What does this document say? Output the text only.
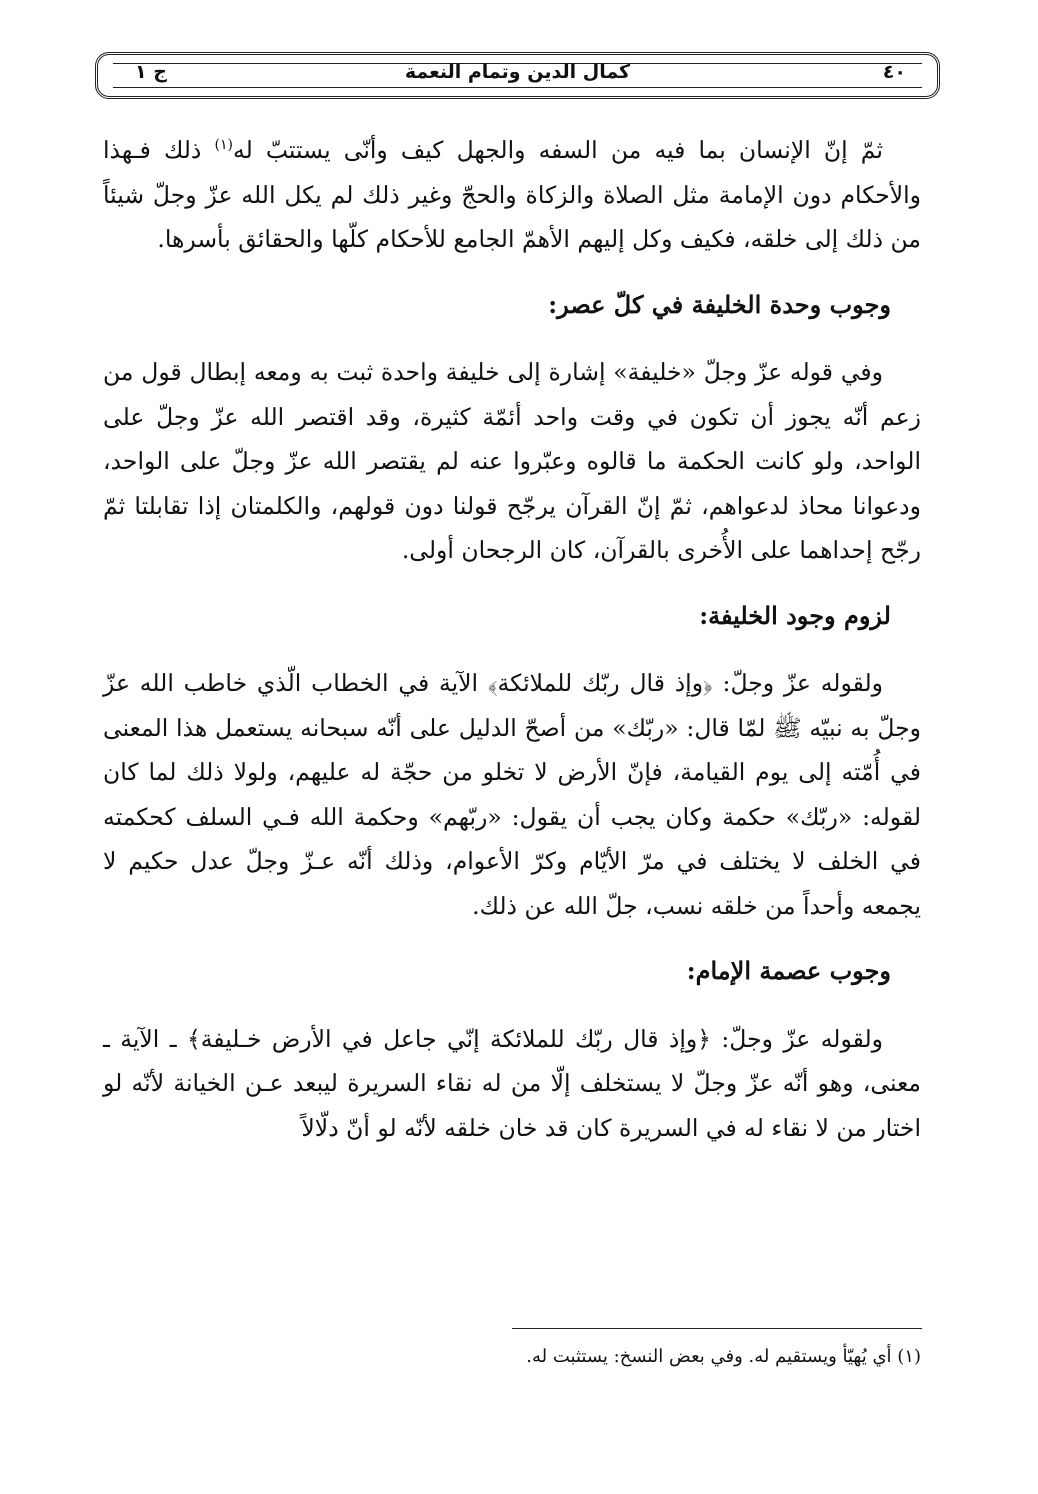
٤٠
كمال الدين وتمام النعمة
ج ١

ثمّ إنّ الإنسان بما فيه من السفه والجهل كيف وأنّى يستتبّ له$^{(١)}$ ذلك فـهذا والأحكام دون الإمامة مثل الصلاة والزكاة والحجّ وغير ذلك لم يكل الله عزّ وجلّ شيئاً من ذلك إلى خلقه، فكيف وكل إليهم الأهمّ الجامع للأحكام كلّها والحقائق بأسرها.

وجوب وحدة الخليفة في كلّ عصر:

وفي قوله عزّ وجلّ «خليفة» إشارة إلى خليفة واحدة ثبت به ومعه إبطال قول من زعم أنّه يجوز أن تكون في وقت واحد أئمّة كثيرة، وقد اقتصر الله عزّ وجلّ على الواحد، ولو كانت الحكمة ما قالوه وعبّروا عنه لم يقتصر الله عزّ وجلّ على الواحد، ودعوانا محاذ لدعواهم، ثمّ إنّ القرآن يرجّح قولنا دون قولهم، والكلمتان إذا تقابلتا ثمّ رجّح إحداهما على الأُخرى بالقرآن، كان الرجحان أولى.

لزوم وجود الخليفة:

ولقوله عزّ وجلّ: ﴿وإذ قال ربّك للملائكة﴾ الآية في الخطاب الّذي خاطب الله عزّ وجلّ به نبيّه ﷺ لمّا قال: «ربّك» من أصحّ الدليل على أنّه سبحانه يستعمل هذا المعنى في أُمّته إلى يوم القيامة، فإنّ الأرض لا تخلو من حجّة له عليهم، ولولا ذلك لما كان لقوله: «ربّك» حكمة وكان يجب أن يقول: «ربّهم» وحكمة الله فـي السلف كحكمته في الخلف لا يختلف في مرّ الأيّام وكرّ الأعوام، وذلك أنّه عـزّ وجلّ عدل حكيم لا يجمعه وأحداً من خلقه نسب، جلّ الله عن ذلك.

وجوب عصمة الإمام:

ولقوله عزّ وجلّ: ﴿وإذ قال ربّك للملائكة إنّي جاعل في الأرض خـليفة﴾ ـ الآية ـ معنى، وهو أنّه عزّ وجلّ لا يستخلف إلّا من له نقاء السريرة ليبعد عـن الخيانة لأنّه لو اختار من لا نقاء له في السريرة كان قد خان خلقه لأنّه لو أنّ دلّالاً

(١) أي يُهيّأ ويستقيم له. وفي بعض النسخ: يستثبت له.
